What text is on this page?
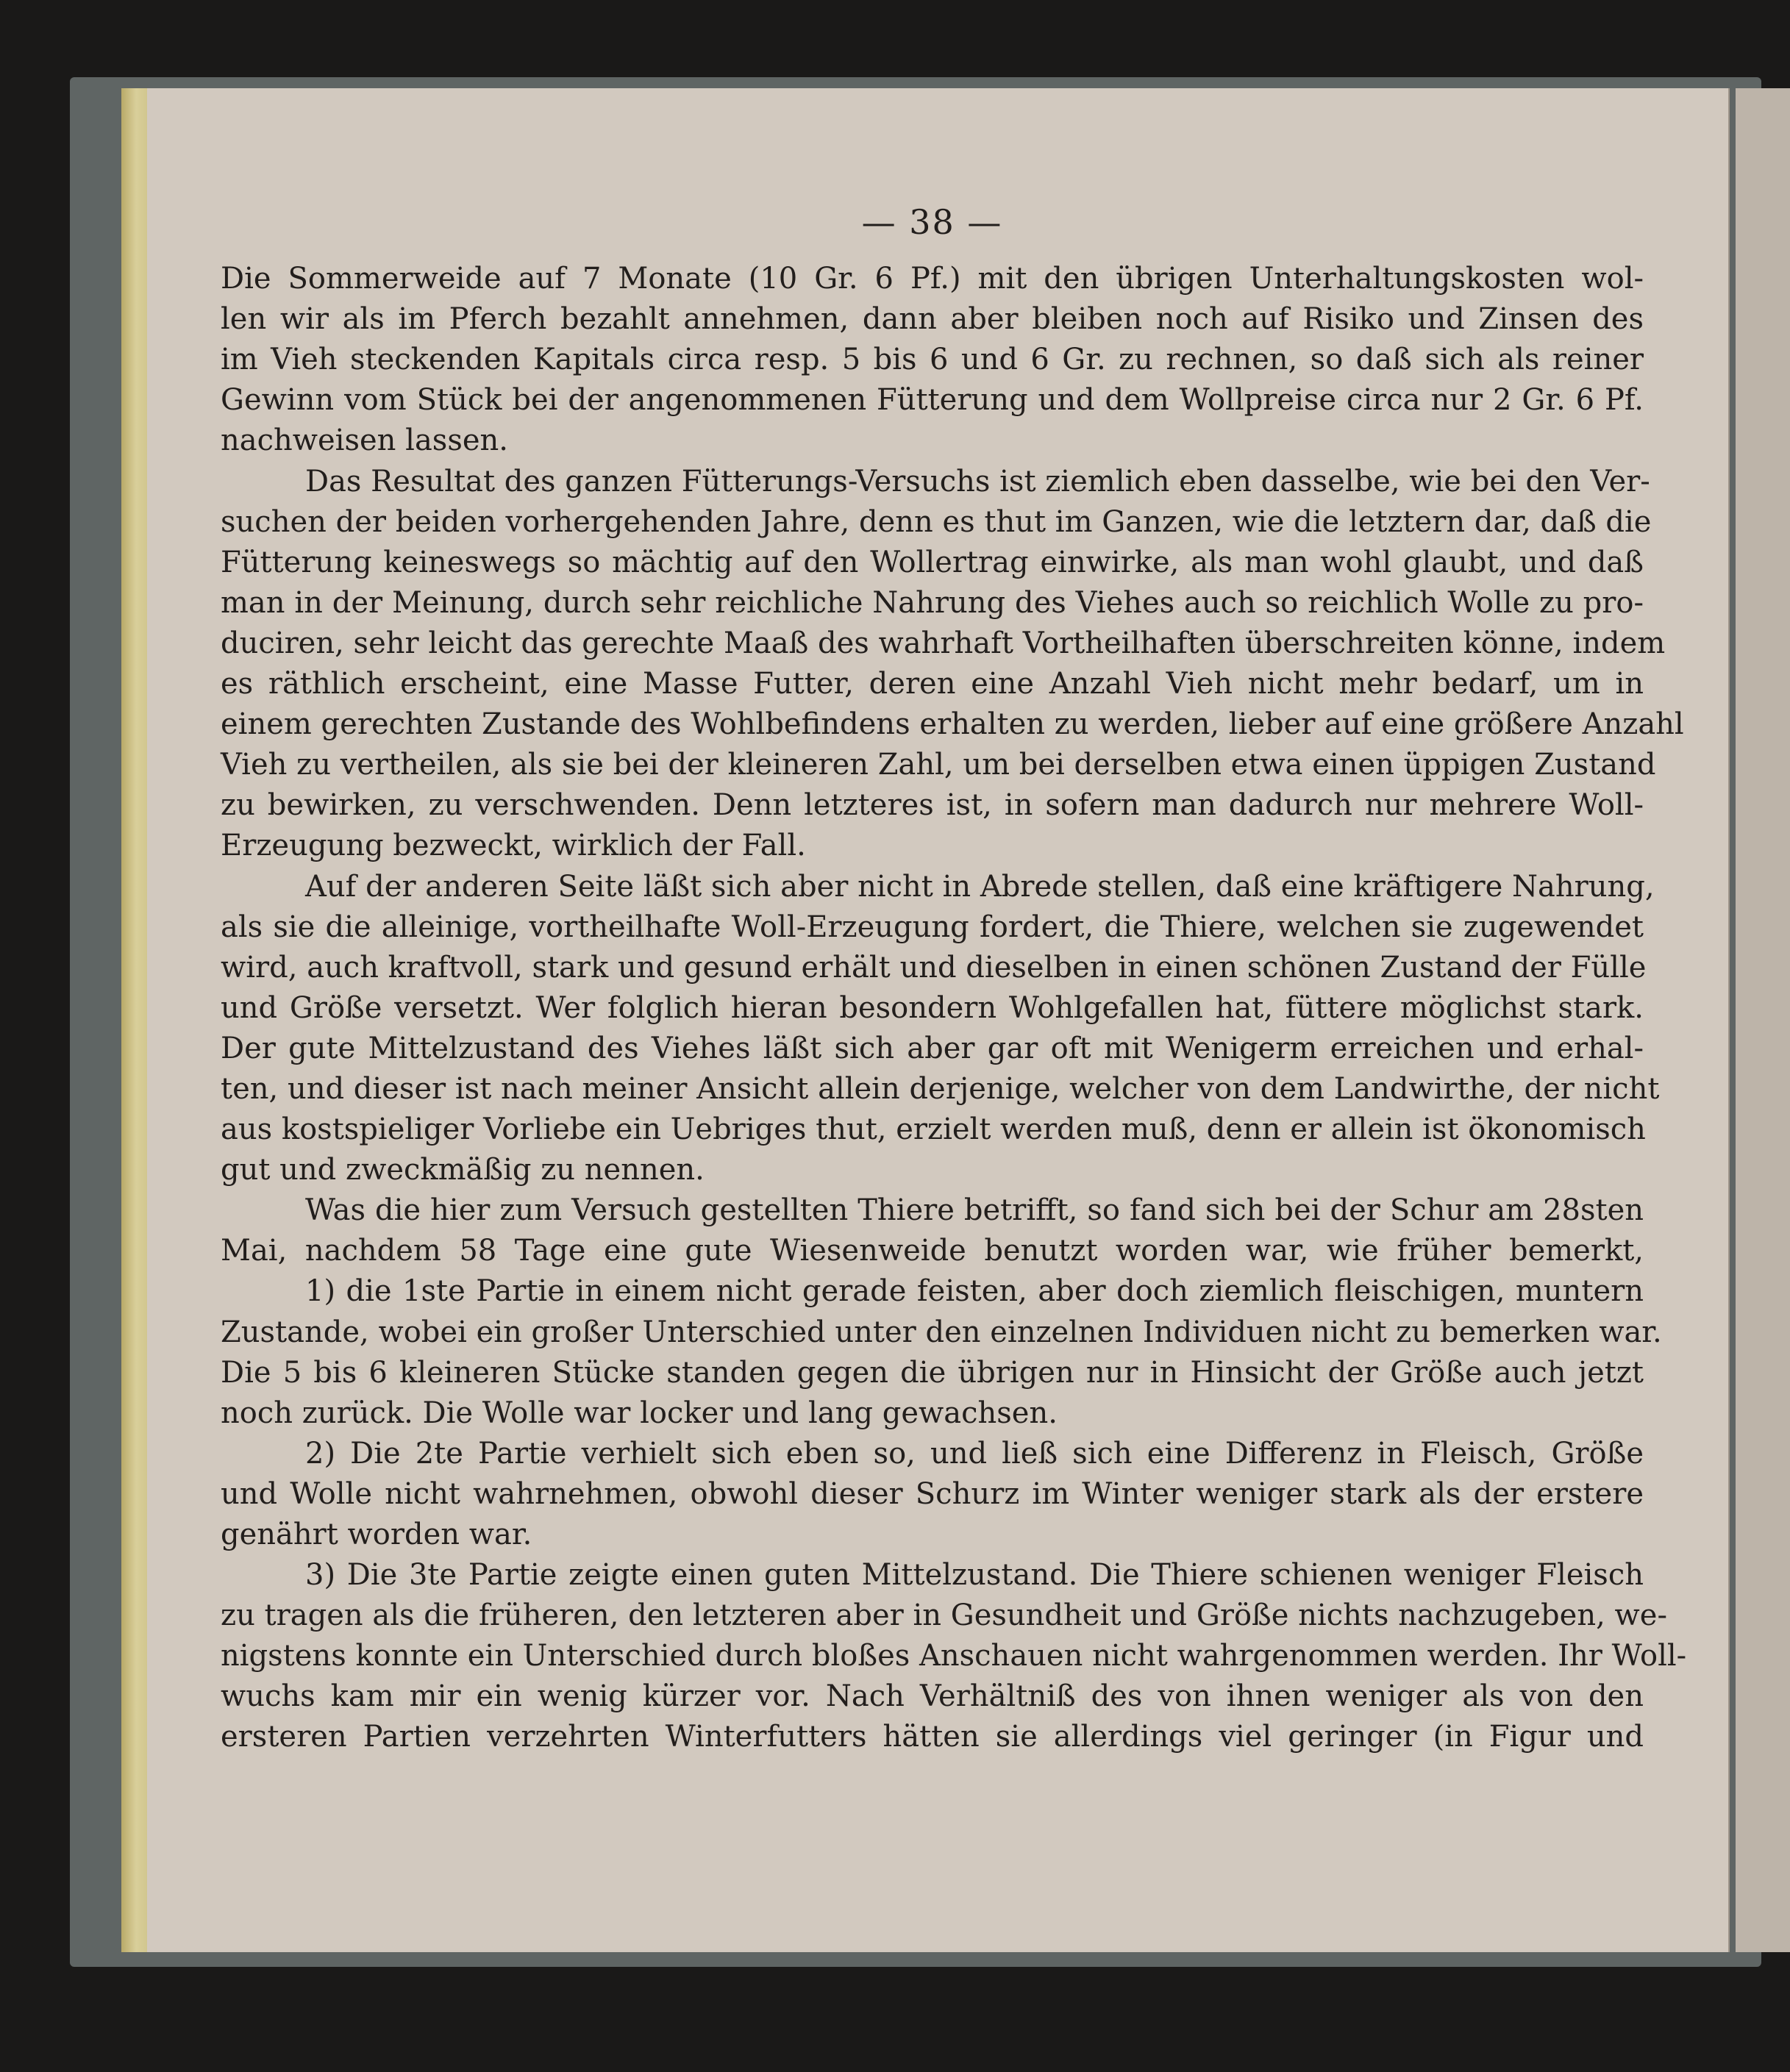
— 38 —
Die Sommerweide auf 7 Monate (10 Gr. 6 Pf.) mit den übrigen Unterhaltungskosten wol-
len wir als im Pferch bezahlt annehmen, dann aber bleiben noch auf Risiko und Zinsen des
im Vieh steckenden Kapitals circa resp. 5 bis 6 und 6 Gr. zu rechnen, so daß sich als reiner
Gewinn vom Stück bei der angenommenen Fütterung und dem Wollpreise circa nur 2 Gr. 6 Pf.
nachweisen lassen.
Das Resultat des ganzen Fütterungs-Versuchs ist ziemlich eben dasselbe, wie bei den Ver-
suchen der beiden vorhergehenden Jahre, denn es thut im Ganzen, wie die letztern dar, daß die
Fütterung keineswegs so mächtig auf den Wollertrag einwirke, als man wohl glaubt, und daß
man in der Meinung, durch sehr reichliche Nahrung des Viehes auch so reichlich Wolle zu pro-
duciren, sehr leicht das gerechte Maaß des wahrhaft Vortheilhaften überschreiten könne, indem
es räthlich erscheint, eine Masse Futter, deren eine Anzahl Vieh nicht mehr bedarf, um in
einem gerechten Zustande des Wohlbefindens erhalten zu werden, lieber auf eine größere Anzahl
Vieh zu vertheilen, als sie bei der kleineren Zahl, um bei derselben etwa einen üppigen Zustand
zu bewirken, zu verschwenden. Denn letzteres ist, in sofern man dadurch nur mehrere Woll-
Erzeugung bezweckt, wirklich der Fall.
Auf der anderen Seite läßt sich aber nicht in Abrede stellen, daß eine kräftigere Nahrung,
als sie die alleinige, vortheilhafte Woll-Erzeugung fordert, die Thiere, welchen sie zugewendet
wird, auch kraftvoll, stark und gesund erhält und dieselben in einen schönen Zustand der Fülle
und Größe versetzt. Wer folglich hieran besondern Wohlgefallen hat, füttere möglichst stark.
Der gute Mittelzustand des Viehes läßt sich aber gar oft mit Wenigerm erreichen und erhal-
ten, und dieser ist nach meiner Ansicht allein derjenige, welcher von dem Landwirthe, der nicht
aus kostspieliger Vorliebe ein Uebriges thut, erzielt werden muß, denn er allein ist ökonomisch
gut und zweckmäßig zu nennen.
Was die hier zum Versuch gestellten Thiere betrifft, so fand sich bei der Schur am 28sten
Mai, nachdem 58 Tage eine gute Wiesenweide benutzt worden war, wie früher bemerkt,
1) die 1ste Partie in einem nicht gerade feisten, aber doch ziemlich fleischigen, muntern
Zustande, wobei ein großer Unterschied unter den einzelnen Individuen nicht zu bemerken war.
Die 5 bis 6 kleineren Stücke standen gegen die übrigen nur in Hinsicht der Größe auch jetzt
noch zurück. Die Wolle war locker und lang gewachsen.
2) Die 2te Partie verhielt sich eben so, und ließ sich eine Differenz in Fleisch, Größe
und Wolle nicht wahrnehmen, obwohl dieser Schurz im Winter weniger stark als der erstere
genährt worden war.
3) Die 3te Partie zeigte einen guten Mittelzustand. Die Thiere schienen weniger Fleisch
zu tragen als die früheren, den letzteren aber in Gesundheit und Größe nichts nachzugeben, we-
nigstens konnte ein Unterschied durch bloßes Anschauen nicht wahrgenommen werden. Ihr Woll-
wuchs kam mir ein wenig kürzer vor. Nach Verhältniß des von ihnen weniger als von den
ersteren Partien verzehrten Winterfutters hätten sie allerdings viel geringer (in Figur und
